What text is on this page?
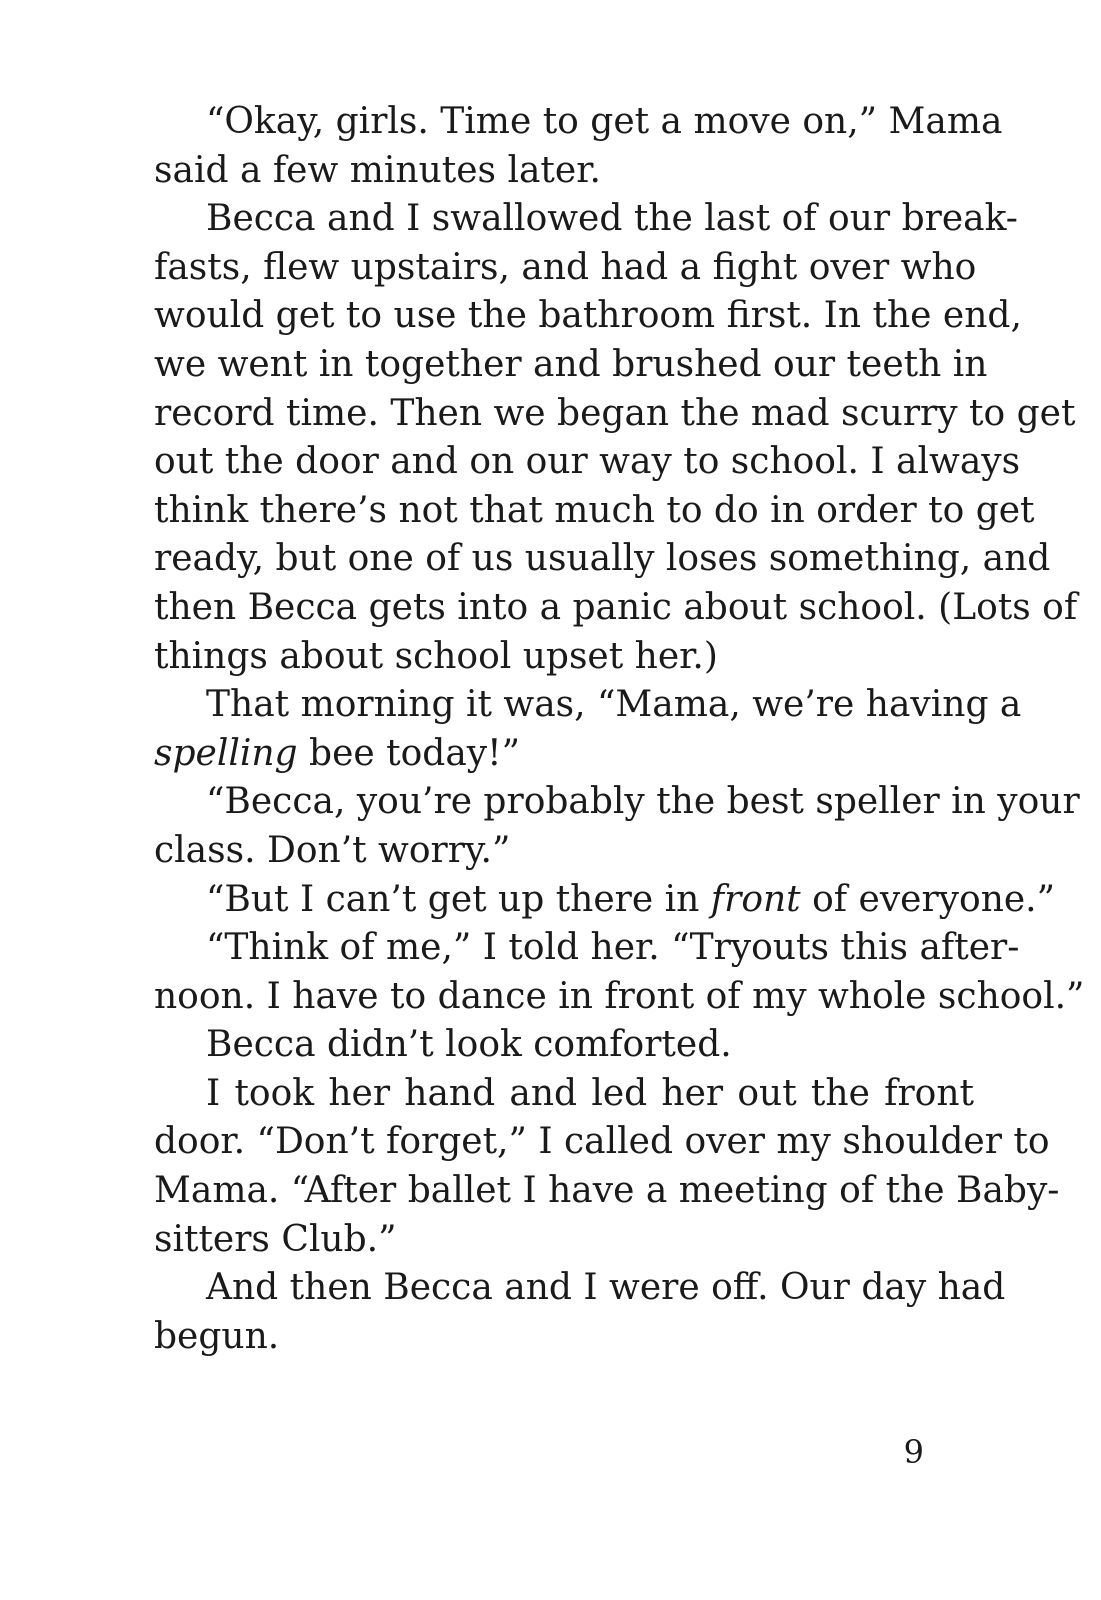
“Okay, girls. Time to get a move on,” Mama
said a few minutes later.
Becca and I swallowed the last of our break-
fasts, flew upstairs, and had a fight over who
would get to use the bathroom first. In the end,
we went in together and brushed our teeth in
record time. Then we began the mad scurry to get
out the door and on our way to school. I always
think there’s not that much to do in order to get
ready, but one of us usually loses something, and
then Becca gets into a panic about school. (Lots of
things about school upset her.)
That morning it was, “Mama, we’re having a
spelling bee today!”
“Becca, you’re probably the best speller in your
class. Don’t worry.”
“But I can’t get up there in front of everyone.”
“Think of me,” I told her. “Tryouts this after-
noon. I have to dance in front of my whole school.”
Becca didn’t look comforted.
I took her hand and led her out the front
door. “Don’t forget,” I called over my shoulder to
Mama. “After ballet I have a meeting of the Baby-
sitters Club.”
And then Becca and I were off. Our day had
begun.
9
